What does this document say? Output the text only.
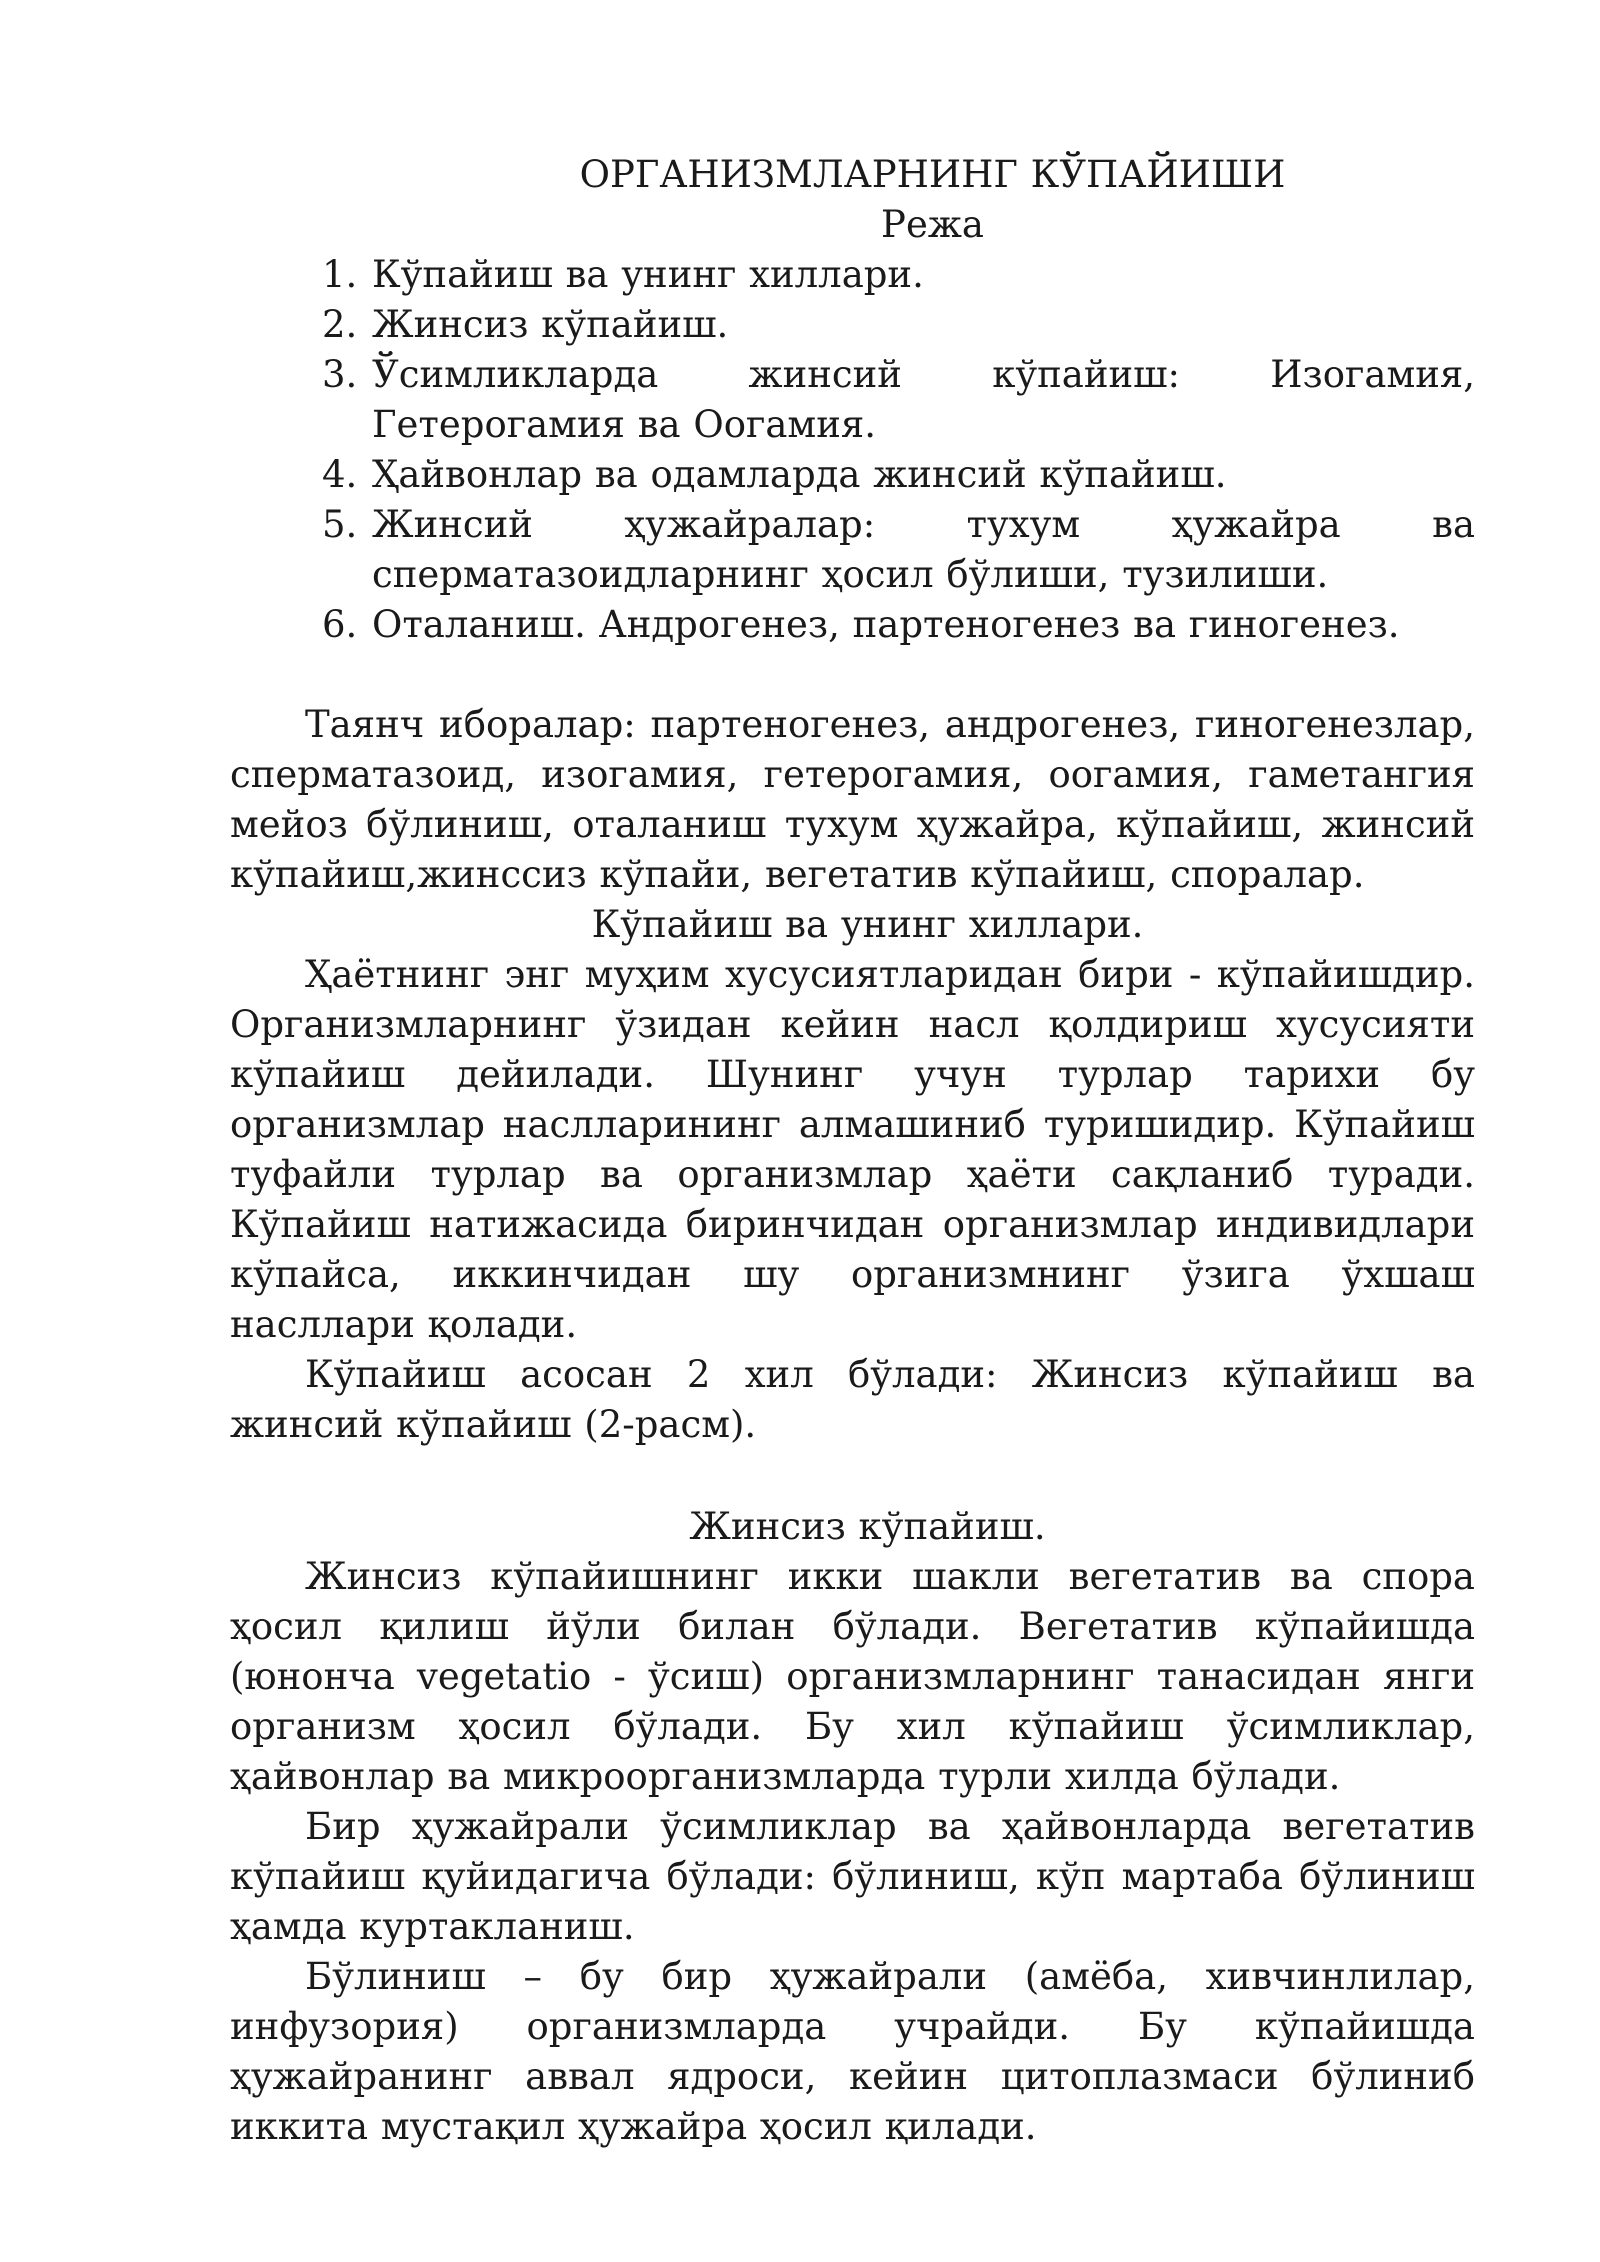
ОРГАНИЗМЛАРНИНГ КЎПАЙИШИ
Режа
1. Кўпайиш ва унинг хиллари.
2. Жинсиз кўпайиш.
3. Ўсимликларда жинсий кўпайиш: Изогамия, Гетерогамия ва Оогамия.
4. Ҳайвонлар ва одамларда жинсий кўпайиш.
5. Жинсий ҳужайралар: тухум ҳужайра ва сперматазоидларнинг ҳосил бўлиши, тузилиши.
6. Оталаниш. Андрогенез, партеногенез ва гиногенез.

Таянч иборалар: партеногенез, андрогенез, гиногенезлар, сперматазоид, изогамия, гетерогамия, оогамия, гаметангия мейоз бўлиниш, оталаниш тухум ҳужайра, кўпайиш, жинсий кўпайиш,жинссиз кўпайи, вегетатив кўпайиш, споралар.

Кўпайиш ва унинг хиллари.

Ҳаётнинг энг муҳим хусусиятларидан бири - кўпайишдир. Организмларнинг ўзидан кейин насл қолдириш хусусияти кўпайиш дейилади. Шунинг учун турлар тарихи бу организмлар наслларининг алмашиниб туришидир. Кўпайиш туфайли турлар ва организмлар ҳаёти сақланиб туради. Кўпайиш натижасида биринчидан организмлар индивидлари кўпайса, иккинчидан шу организмнинг ўзига ўхшаш насллари қолади.

Кўпайиш асосан 2 хил бўлади: Жинсиз кўпайиш ва жинсий кўпайиш (2-расм).

Жинсиз кўпайиш.

Жинсиз кўпайишнинг икки шакли вегетатив ва спора ҳосил қилиш йўли билан бўлади. Вегетатив кўпайишда (юнонча vegetatio - ўсиш) организмларнинг танасидан янги организм ҳосил бўлади. Бу хил кўпайиш ўсимликлар, ҳайвонлар ва микроорганизмларда турли хилда бўлади.

Бир ҳужайрали ўсимликлар ва ҳайвонларда вегетатив кўпайиш қуйидагича бўлади: бўлиниш, кўп мартаба бўлиниш ҳамда куртакланиш.

Бўлиниш – бу бир ҳужайрали (амёба, хивчинлилар, инфузория) организмларда учрайди. Бу кўпайишда ҳужайранинг аввал ядроси, кейин цитоплазмаси бўлиниб иккита мустақил ҳужайра ҳосил қилади.
